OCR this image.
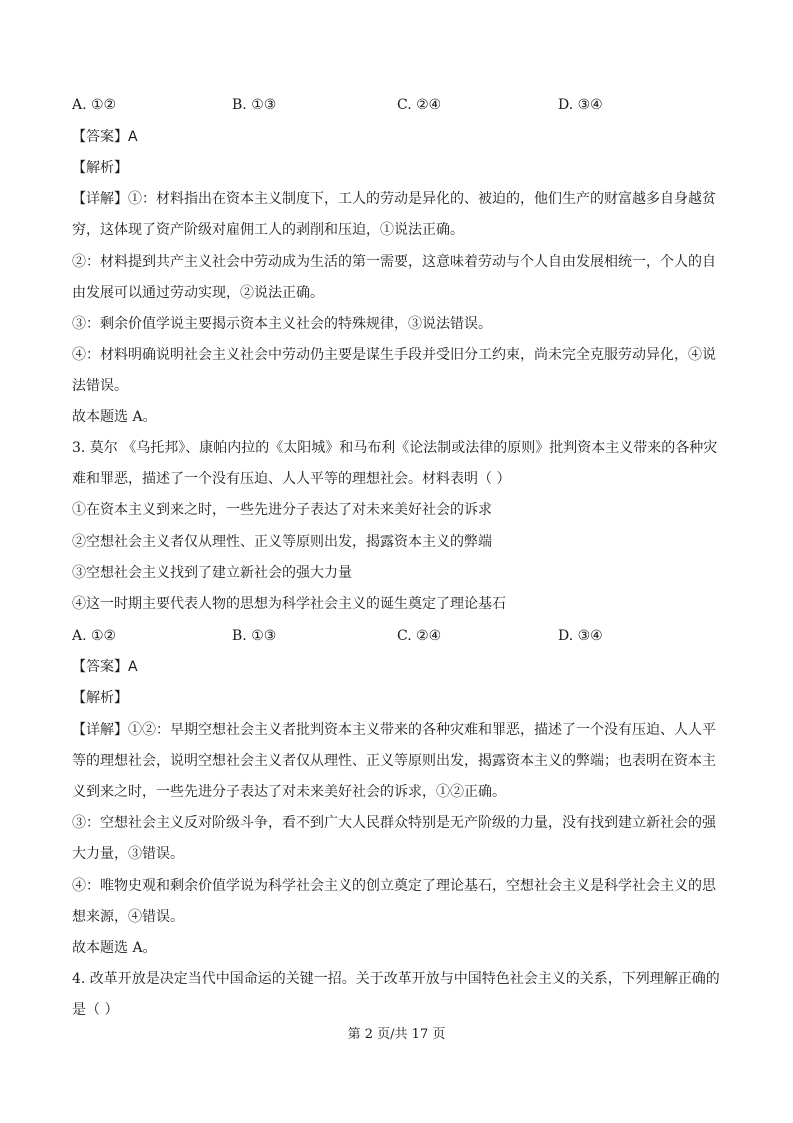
A. ①②	B. ①③	C. ②④	D. ③④
【答案】A
【解析】
【详解】①：材料指出在资本主义制度下，工人的劳动是异化的、被迫的，他们生产的财富越多自身越贫
穷，这体现了资产阶级对雇佣工人的剥削和压迫，①说法正确。
②：材料提到共产主义社会中劳动成为生活的第一需要，这意味着劳动与个人自由发展相统一，个人的自
由发展可以通过劳动实现，②说法正确。
③：剩余价值学说主要揭示资本主义社会的特殊规律，③说法错误。
④：材料明确说明社会主义社会中劳动仍主要是谋生手段并受旧分工约束，尚未完全克服劳动异化，④说
法错误。
故本题选 A。
3. 莫尔 《乌托邦》、康帕内拉的《太阳城》和马布利《论法制或法律的原则》批判资本主义带来的各种灾
难和罪恶，描述了一个没有压迫、人人平等的理想社会。材料表明（ ）
①在资本主义到来之时，一些先进分子表达了对未来美好社会的诉求
②空想社会主义者仅从理性、正义等原则出发，揭露资本主义的弊端
③空想社会主义找到了建立新社会的强大力量
④这一时期主要代表人物的思想为科学社会主义的诞生奠定了理论基石
A. ①②	B. ①③	C. ②④	D. ③④
【答案】A
【解析】
【详解】①②：早期空想社会主义者批判资本主义带来的各种灾难和罪恶，描述了一个没有压迫、人人平
等的理想社会，说明空想社会主义者仅从理性、正义等原则出发，揭露资本主义的弊端；也表明在资本主
义到来之时，一些先进分子表达了对未来美好社会的诉求，①②正确。
③：空想社会主义反对阶级斗争，看不到广大人民群众特别是无产阶级的力量，没有找到建立新社会的强
大力量，③错误。
④：唯物史观和剩余价值学说为科学社会主义的创立奠定了理论基石，空想社会主义是科学社会主义的思
想来源，④错误。
故本题选 A。
4. 改革开放是决定当代中国命运的关键一招。关于改革开放与中国特色社会主义的关系，下列理解正确的
是（ ）
第 2 页/共 17 页
